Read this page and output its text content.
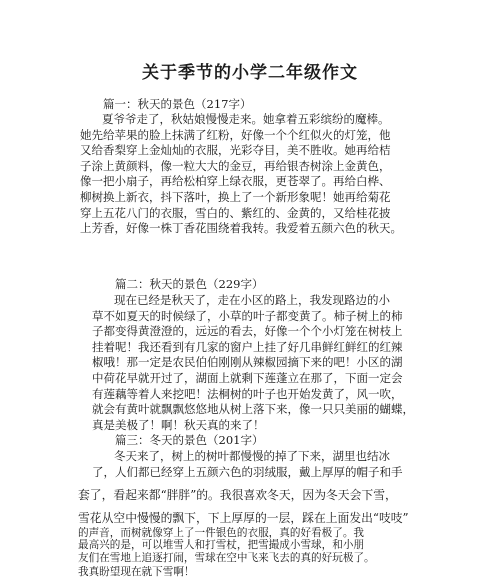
关于季节的小学二年级作文
篇一：秋天的景色（217字）
夏爷爷走了，秋姑娘慢慢走来。她拿着五彩缤纷的魔棒。
她先给苹果的脸上抹满了红粉，好像一个个红似火的灯笼，他
又给香梨穿上金灿灿的衣服，光彩夺目，美不胜收。她再给桔
子涂上黄颜料，像一粒大大的金豆，再给银杏树涂上金黄色，
像一把小扇子，再给松柏穿上绿衣服，更苍翠了。再给白桦、
柳树换上新衣，抖下落叶，换上了一个新形象呢！她再给菊花
穿上五花八门的衣服，雪白的、紫红的、金黄的，又给桂花披
上芳香，好像一株丁香花围绕着我转。我爱着五颜六色的秋天。
篇二：秋天的景色（229字）
现在已经是秋天了，走在小区的路上，我发现路边的小
草不如夏天的时候绿了，小草的叶子都变黄了。柿子树上的柿
子都变得黄澄澄的，远远的看去，好像一个个小灯笼在树枝上
挂着呢！我还看到有几家的窗户上挂了好几串鲜红鲜红的红辣
椒哦！那一定是农民伯伯刚刚从辣椒园摘下来的吧！小区的湖
中荷花早就开过了，湖面上就剩下莲蓬立在那了，下面一定会
有莲藕等着人来挖吧！法桐树的叶子也开始发黄了，风一吹，
就会有黄叶就飘飘悠悠地从树上落下来，像一只只美丽的蝴蝶，
真是美极了！啊！秋天真的来了！
篇三：冬天的景色（201字）
冬天来了，树上的树叶都慢慢的掉了下来，湖里也结冰
了，人们都已经穿上五颜六色的羽绒服，戴上厚厚的帽子和手
套了，看起来都“胖胖”的。我很喜欢冬天，因为冬天会下雪，
雪花从空中慢慢的飘下，下上厚厚的一层，踩在上面发出“吱吱”
的声音，而树就像穿上了一件银色的衣服，真的好看极了。我
最高兴的是，可以堆雪人和打雪杖，把雪撮成小雪球，和小朋
友们在雪地上追逐打闹，雪球在空中飞来飞去的真的好玩极了。
我真盼望现在就下雪啊！
